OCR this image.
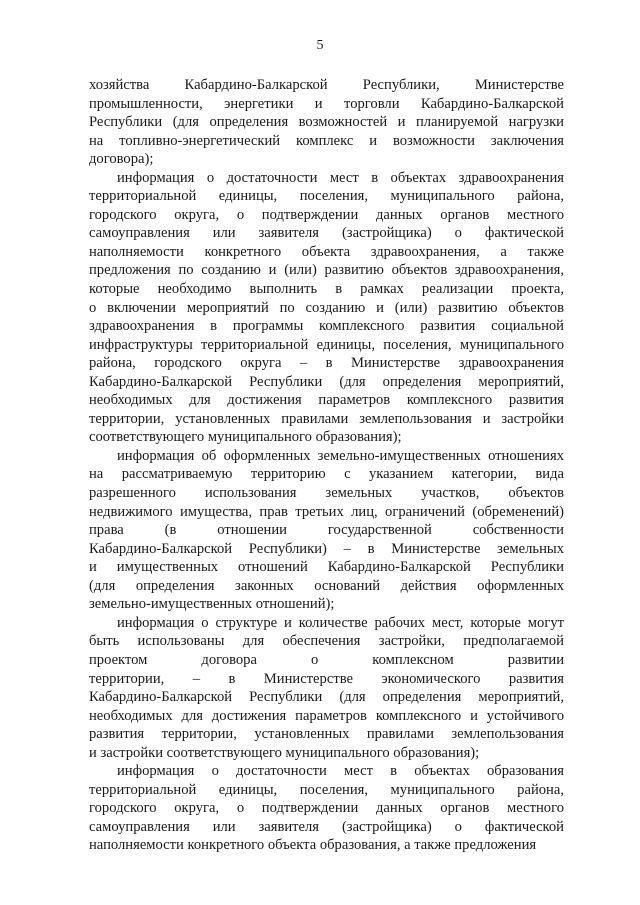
5

хозяйства Кабардино-Балкарской Республики, Министерстве
промышленности, энергетики и торговли Кабардино-Балкарской
Республики (для определения возможностей и планируемой нагрузки
на топливно-энергетический комплекс и возможности заключения
договора);

информация о достаточности мест в объектах здравоохранения
территориальной единицы, поселения, муниципального района,
городского округа, о подтверждении данных органов местного
самоуправления или заявителя (застройщика) о фактической
наполняемости конкретного объекта здравоохранения, а также
предложения по созданию и (или) развитию объектов здравоохранения,
которые необходимо выполнить в рамках реализации проекта,
о включении мероприятий по созданию и (или) развитию объектов
здравоохранения в программы комплексного развития социальной
инфраструктуры территориальной единицы, поселения, муниципального
района, городского округа – в Министерстве здравоохранения
Кабардино-Балкарской Республики (для определения мероприятий,
необходимых для достижения параметров комплексного развития
территории, установленных правилами землепользования и застройки
соответствующего муниципального образования);

информация об оформленных земельно-имущественных отношениях
на рассматриваемую территорию с указанием категории, вида
разрешенного использования земельных участков, объектов
недвижимого имущества, прав третьих лиц, ограничений (обременений)
права (в отношении государственной собственности
Кабардино-Балкарской Республики) – в Министерстве земельных
и имущественных отношений Кабардино-Балкарской Республики
(для определения законных оснований действия оформленных
земельно-имущественных отношений);

информация о структуре и количестве рабочих мест, которые могут
быть использованы для обеспечения застройки, предполагаемой
проектом договора о комплексном развитии
территории, – в Министерстве экономического развития
Кабардино-Балкарской Республики (для определения мероприятий,
необходимых для достижения параметров комплексного и устойчивого
развития территории, установленных правилами землепользования
и застройки соответствующего муниципального образования);

информация о достаточности мест в объектах образования
территориальной единицы, поселения, муниципального района,
городского округа, о подтверждении данных органов местного
самоуправления или заявителя (застройщика) о фактической
наполняемости конкретного объекта образования, а также предложения
